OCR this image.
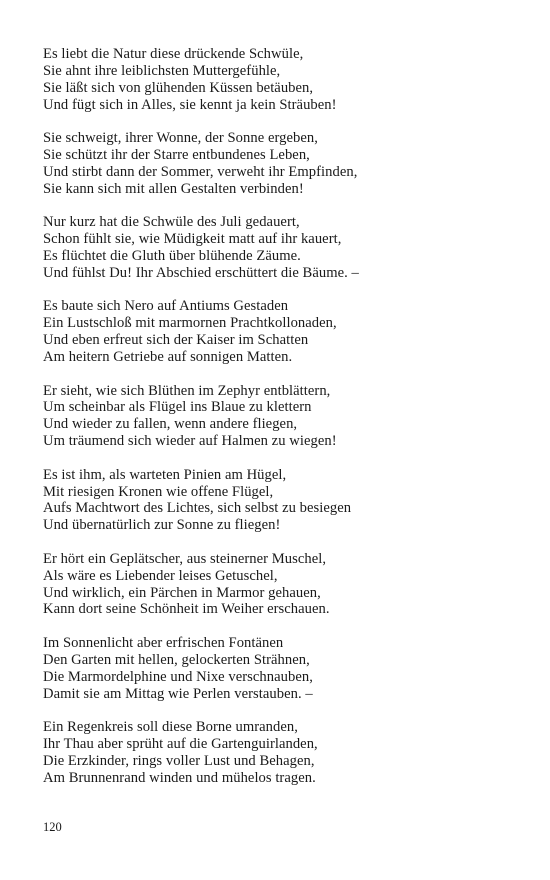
Es liebt die Natur diese drückende Schwüle,
Sie ahnt ihre leiblichsten Muttergefühle,
Sie läßt sich von glühenden Küssen betäuben,
Und fügt sich in Alles, sie kennt ja kein Sträuben!
Sie schweigt, ihrer Wonne, der Sonne ergeben,
Sie schützt ihr der Starre entbundenes Leben,
Und stirbt dann der Sommer, verweht ihr Empfinden,
Sie kann sich mit allen Gestalten verbinden!
Nur kurz hat die Schwüle des Juli gedauert,
Schon fühlt sie, wie Müdigkeit matt auf ihr kauert,
Es flüchtet die Gluth über blühende Zäume.
Und fühlst Du! Ihr Abschied erschüttert die Bäume. –
Es baute sich Nero auf Antiums Gestaden
Ein Lustschloß mit marmornen Prachtkollonaden,
Und eben erfreut sich der Kaiser im Schatten
Am heitern Getriebe auf sonnigen Matten.
Er sieht, wie sich Blüthen im Zephyr entblättern,
Um scheinbar als Flügel ins Blaue zu klettern
Und wieder zu fallen, wenn andere fliegen,
Um träumend sich wieder auf Halmen zu wiegen!
Es ist ihm, als warteten Pinien am Hügel,
Mit riesigen Kronen wie offene Flügel,
Aufs Machtwort des Lichtes, sich selbst zu besiegen
Und übernatürlich zur Sonne zu fliegen!
Er hört ein Geplätscher, aus steinerner Muschel,
Als wäre es Liebender leises Getuschel,
Und wirklich, ein Pärchen in Marmor gehauen,
Kann dort seine Schönheit im Weiher erschauen.
Im Sonnenlicht aber erfrischen Fontänen
Den Garten mit hellen, gelockerten Strähnen,
Die Marmordelphine und Nixe verschnauben,
Damit sie am Mittag wie Perlen verstauben. –
Ein Regenkreis soll diese Borne umranden,
Ihr Thau aber sprüht auf die Gartenguirlanden,
Die Erzkinder, rings voller Lust und Behagen,
Am Brunnenrand winden und mühelos tragen.
120
